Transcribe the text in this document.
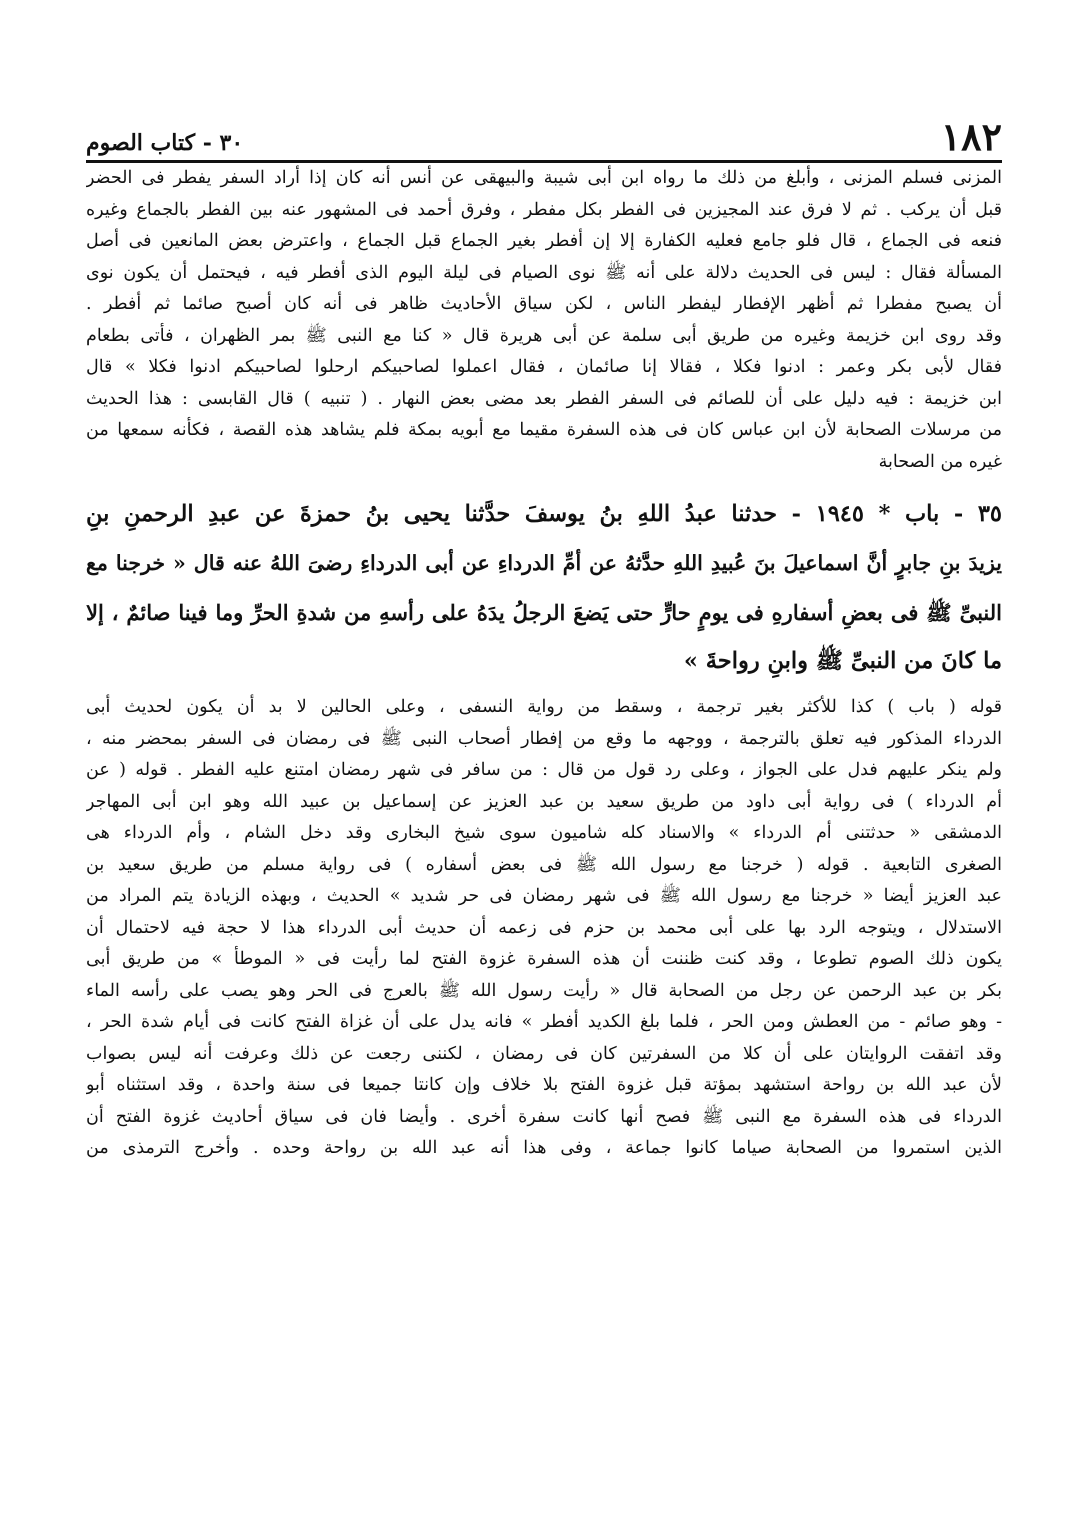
١٨٢
٣٠ - كتاب الصوم
المزنى فسلم المزنى ، وأبلغ من ذلك ما رواه ابن أبى شيبة والبيهقى عن أنس أنه كان إذا أراد السفر يفطر فى الحضر
قبل أن يركب . ثم لا فرق عند المجيزين فى الفطر بكل مفطر ، وفرق أحمد فى المشهور عنه بين الفطر بالجماع وغيره
فنعه فى الجماع ، قال فلو جامع فعليه الكفارة إلا إن أفطر بغير الجماع قبل الجماع ، واعترض بعض المانعين فى أصل
المسألة فقال : ليس فى الحديث دلالة على أنه ﷺ نوى الصيام فى ليلة اليوم الذى أفطر فيه ، فيحتمل أن يكون نوى
أن يصبح مفطرا ثم أظهر الإفطار ليفطر الناس ، لكن سياق الأحاديث ظاهر فى أنه كان أصبح صائما ثم أفطر .
وقد روى ابن خزيمة وغيره من طريق أبى سلمة عن أبى هريرة قال « كنا مع النبى ﷺ بمر الظهران ، فأتى بطعام
فقال لأبى بكر وعمر : ادنوا فكلا ، فقالا إنا صائمان ، فقال اعملوا لصاحبيكم ارحلوا لصاحبيكم ادنوا فكلا » قال
ابن خزيمة : فيه دليل على أن للصائم فى السفر الفطر بعد مضى بعض النهار . ( تنبيه ) قال القابسى : هذا الحديث
من مرسلات الصحابة لأن ابن عباس كان فى هذه السفرة مقيما مع أبويه بمكة فلم يشاهد هذه القصة ، فكأنه سمعها من
غيره من الصحابة
٣٥ - باب * ١٩٤٥ - حدثنا عبدُ اللهِ بنُ يوسفَ حدَّثنا يحيى بنُ حمزةَ عن عبدِ الرحمنِ بنِ
يزيدَ بنِ جابرٍ أنَّ اسماعيلَ بنَ عُبيدِ اللهِ حدَّثهُ عن أمِّ الدرداءِ عن أبى الدرداءِ رضىَ اللهُ عنه قال « خرجنا مع
النبىِّ ﷺ فى بعضِ أسفارهِ فى يومٍ حارٍّ حتى يَضعَ الرجلُ يدَهُ على رأسهِ من شدةِ الحرِّ وما فينا صائمٌ ، إلا
ما كانَ من النبىِّ ﷺ وابنِ رواحةَ »
قوله ( باب ) كذا للأكثر بغير ترجمة ، وسقط من رواية النسفى ، وعلى الحالين لا بد أن يكون لحديث أبى
الدرداء المذكور فيه تعلق بالترجمة ، ووجهه ما وقع من إفطار أصحاب النبى ﷺ فى رمضان فى السفر بمحضر منه ،
ولم ينكر عليهم فدل على الجواز ، وعلى رد قول من قال : من سافر فى شهر رمضان امتنع عليه الفطر . قوله ( عن
أم الدرداء ) فى رواية أبى داود من طريق سعيد بن عبد العزيز عن إسماعيل بن عبيد الله وهو ابن أبى المهاجر
الدمشقى « حدثتنى أم الدرداء » والاسناد كله شاميون سوى شيخ البخارى وقد دخل الشام ، وأم الدرداء هى
الصغرى التابعية . قوله ( خرجنا مع رسول الله ﷺ فى بعض أسفاره ) فى رواية مسلم من طريق سعيد بن
عبد العزيز أيضا « خرجنا مع رسول الله ﷺ فى شهر رمضان فى حر شديد » الحديث ، وبهذه الزيادة يتم المراد من
الاستدلال ، ويتوجه الرد بها على أبى محمد بن حزم فى زعمه أن حديث أبى الدرداء هذا لا حجة فيه لاحتمال أن
يكون ذلك الصوم تطوعا ، وقد كنت ظننت أن هذه السفرة غزوة الفتح لما رأيت فى « الموطأ » من طريق أبى
بكر بن عبد الرحمن عن رجل من الصحابة قال « رأيت رسول الله ﷺ بالعرج فى الحر وهو يصب على رأسه الماء
- وهو صائم - من العطش ومن الحر ، فلما بلغ الكديد أفطر » فانه يدل على أن غزاة الفتح كانت فى أيام شدة الحر ،
وقد اتفقت الروايتان على أن كلا من السفرتين كان فى رمضان ، لكننى رجعت عن ذلك وعرفت أنه ليس بصواب
لأن عبد الله بن رواحة استشهد بمؤتة قبل غزوة الفتح بلا خلاف وإن كانتا جميعا فى سنة واحدة ، وقد استثناه أبو
الدرداء فى هذه السفرة مع النبى ﷺ فصح أنها كانت سفرة أخرى . وأيضا فان فى سياق أحاديث غزوة الفتح أن
الذين استمروا من الصحابة صياما كانوا جماعة ، وفى هذا أنه عبد الله بن رواحة وحده . وأخرج الترمذى من
